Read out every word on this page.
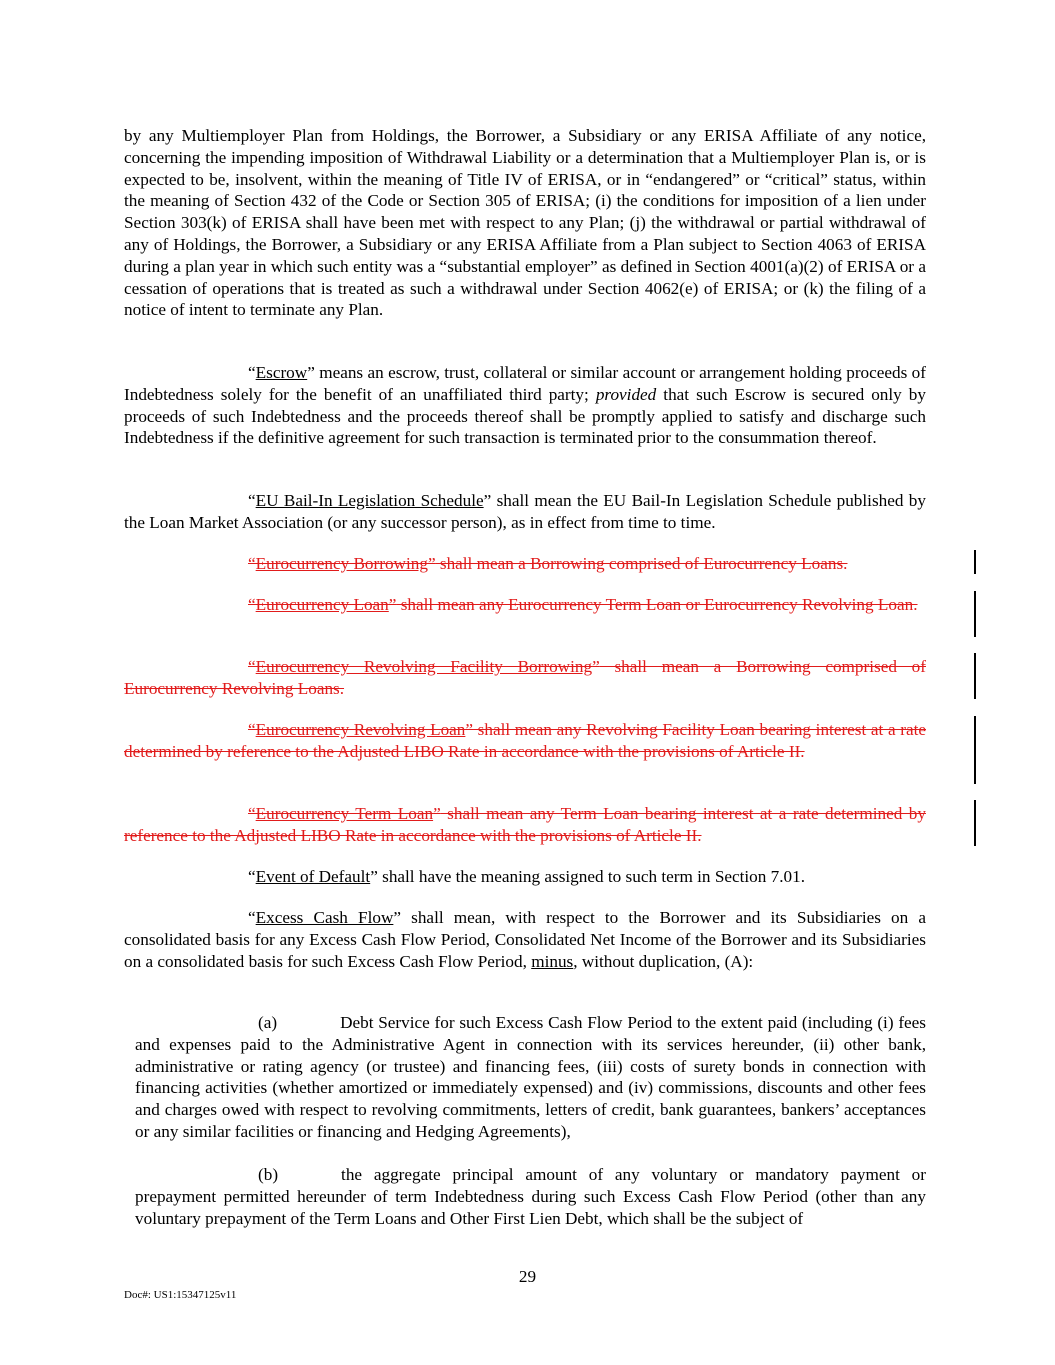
by any Multiemployer Plan from Holdings, the Borrower, a Subsidiary or any ERISA Affiliate of any notice, concerning the impending imposition of Withdrawal Liability or a determination that a Multiemployer Plan is, or is expected to be, insolvent, within the meaning of Title IV of ERISA, or in “endangered” or “critical” status, within the meaning of Section 432 of the Code or Section 305 of ERISA; (i) the conditions for imposition of a lien under Section 303(k) of ERISA shall have been met with respect to any Plan; (j) the withdrawal or partial withdrawal of any of Holdings, the Borrower, a Subsidiary or any ERISA Affiliate from a Plan subject to Section 4063 of ERISA during a plan year in which such entity was a “substantial employer” as defined in Section 4001(a)(2) of ERISA or a cessation of operations that is treated as such a withdrawal under Section 4062(e) of ERISA; or (k) the filing of a notice of intent to terminate any Plan.

“Escrow” means an escrow, trust, collateral or similar account or arrangement holding proceeds of Indebtedness solely for the benefit of an unaffiliated third party; provided that such Escrow is secured only by proceeds of such Indebtedness and the proceeds thereof shall be promptly applied to satisfy and discharge such Indebtedness if the definitive agreement for such transaction is terminated prior to the consummation thereof.

“EU Bail-In Legislation Schedule” shall mean the EU Bail-In Legislation Schedule published by the Loan Market Association (or any successor person), as in effect from time to time.

“Eurocurrency Borrowing” shall mean a Borrowing comprised of Eurocurrency Loans.

“Eurocurrency Loan” shall mean any Eurocurrency Term Loan or Eurocurrency Revolving Loan.

“Eurocurrency Revolving Facility Borrowing” shall mean a Borrowing comprised of Eurocurrency Revolving Loans.

“Eurocurrency Revolving Loan” shall mean any Revolving Facility Loan bearing interest at a rate determined by reference to the Adjusted LIBO Rate in accordance with the provisions of Article II.

“Eurocurrency Term Loan” shall mean any Term Loan bearing interest at a rate determined by reference to the Adjusted LIBO Rate in accordance with the provisions of Article II.

“Event of Default” shall have the meaning assigned to such term in Section 7.01.

“Excess Cash Flow” shall mean, with respect to the Borrower and its Subsidiaries on a consolidated basis for any Excess Cash Flow Period, Consolidated Net Income of the Borrower and its Subsidiaries on a consolidated basis for such Excess Cash Flow Period, minus, without duplication, (A):

(a)	Debt Service for such Excess Cash Flow Period to the extent paid (including (i) fees and expenses paid to the Administrative Agent in connection with its services hereunder, (ii) other bank, administrative or rating agency (or trustee) and financing fees, (iii) costs of surety bonds in connection with financing activities (whether amortized or immediately expensed) and (iv) commissions, discounts and other fees and charges owed with respect to revolving commitments, letters of credit, bank guarantees, bankers’ acceptances or any similar facilities or financing and Hedging Agreements),

(b)	the aggregate principal amount of any voluntary or mandatory payment or prepayment permitted hereunder of term Indebtedness during such Excess Cash Flow Period (other than any voluntary prepayment of the Term Loans and Other First Lien Debt, which shall be the subject of

29
Doc#: US1:15347125v11
